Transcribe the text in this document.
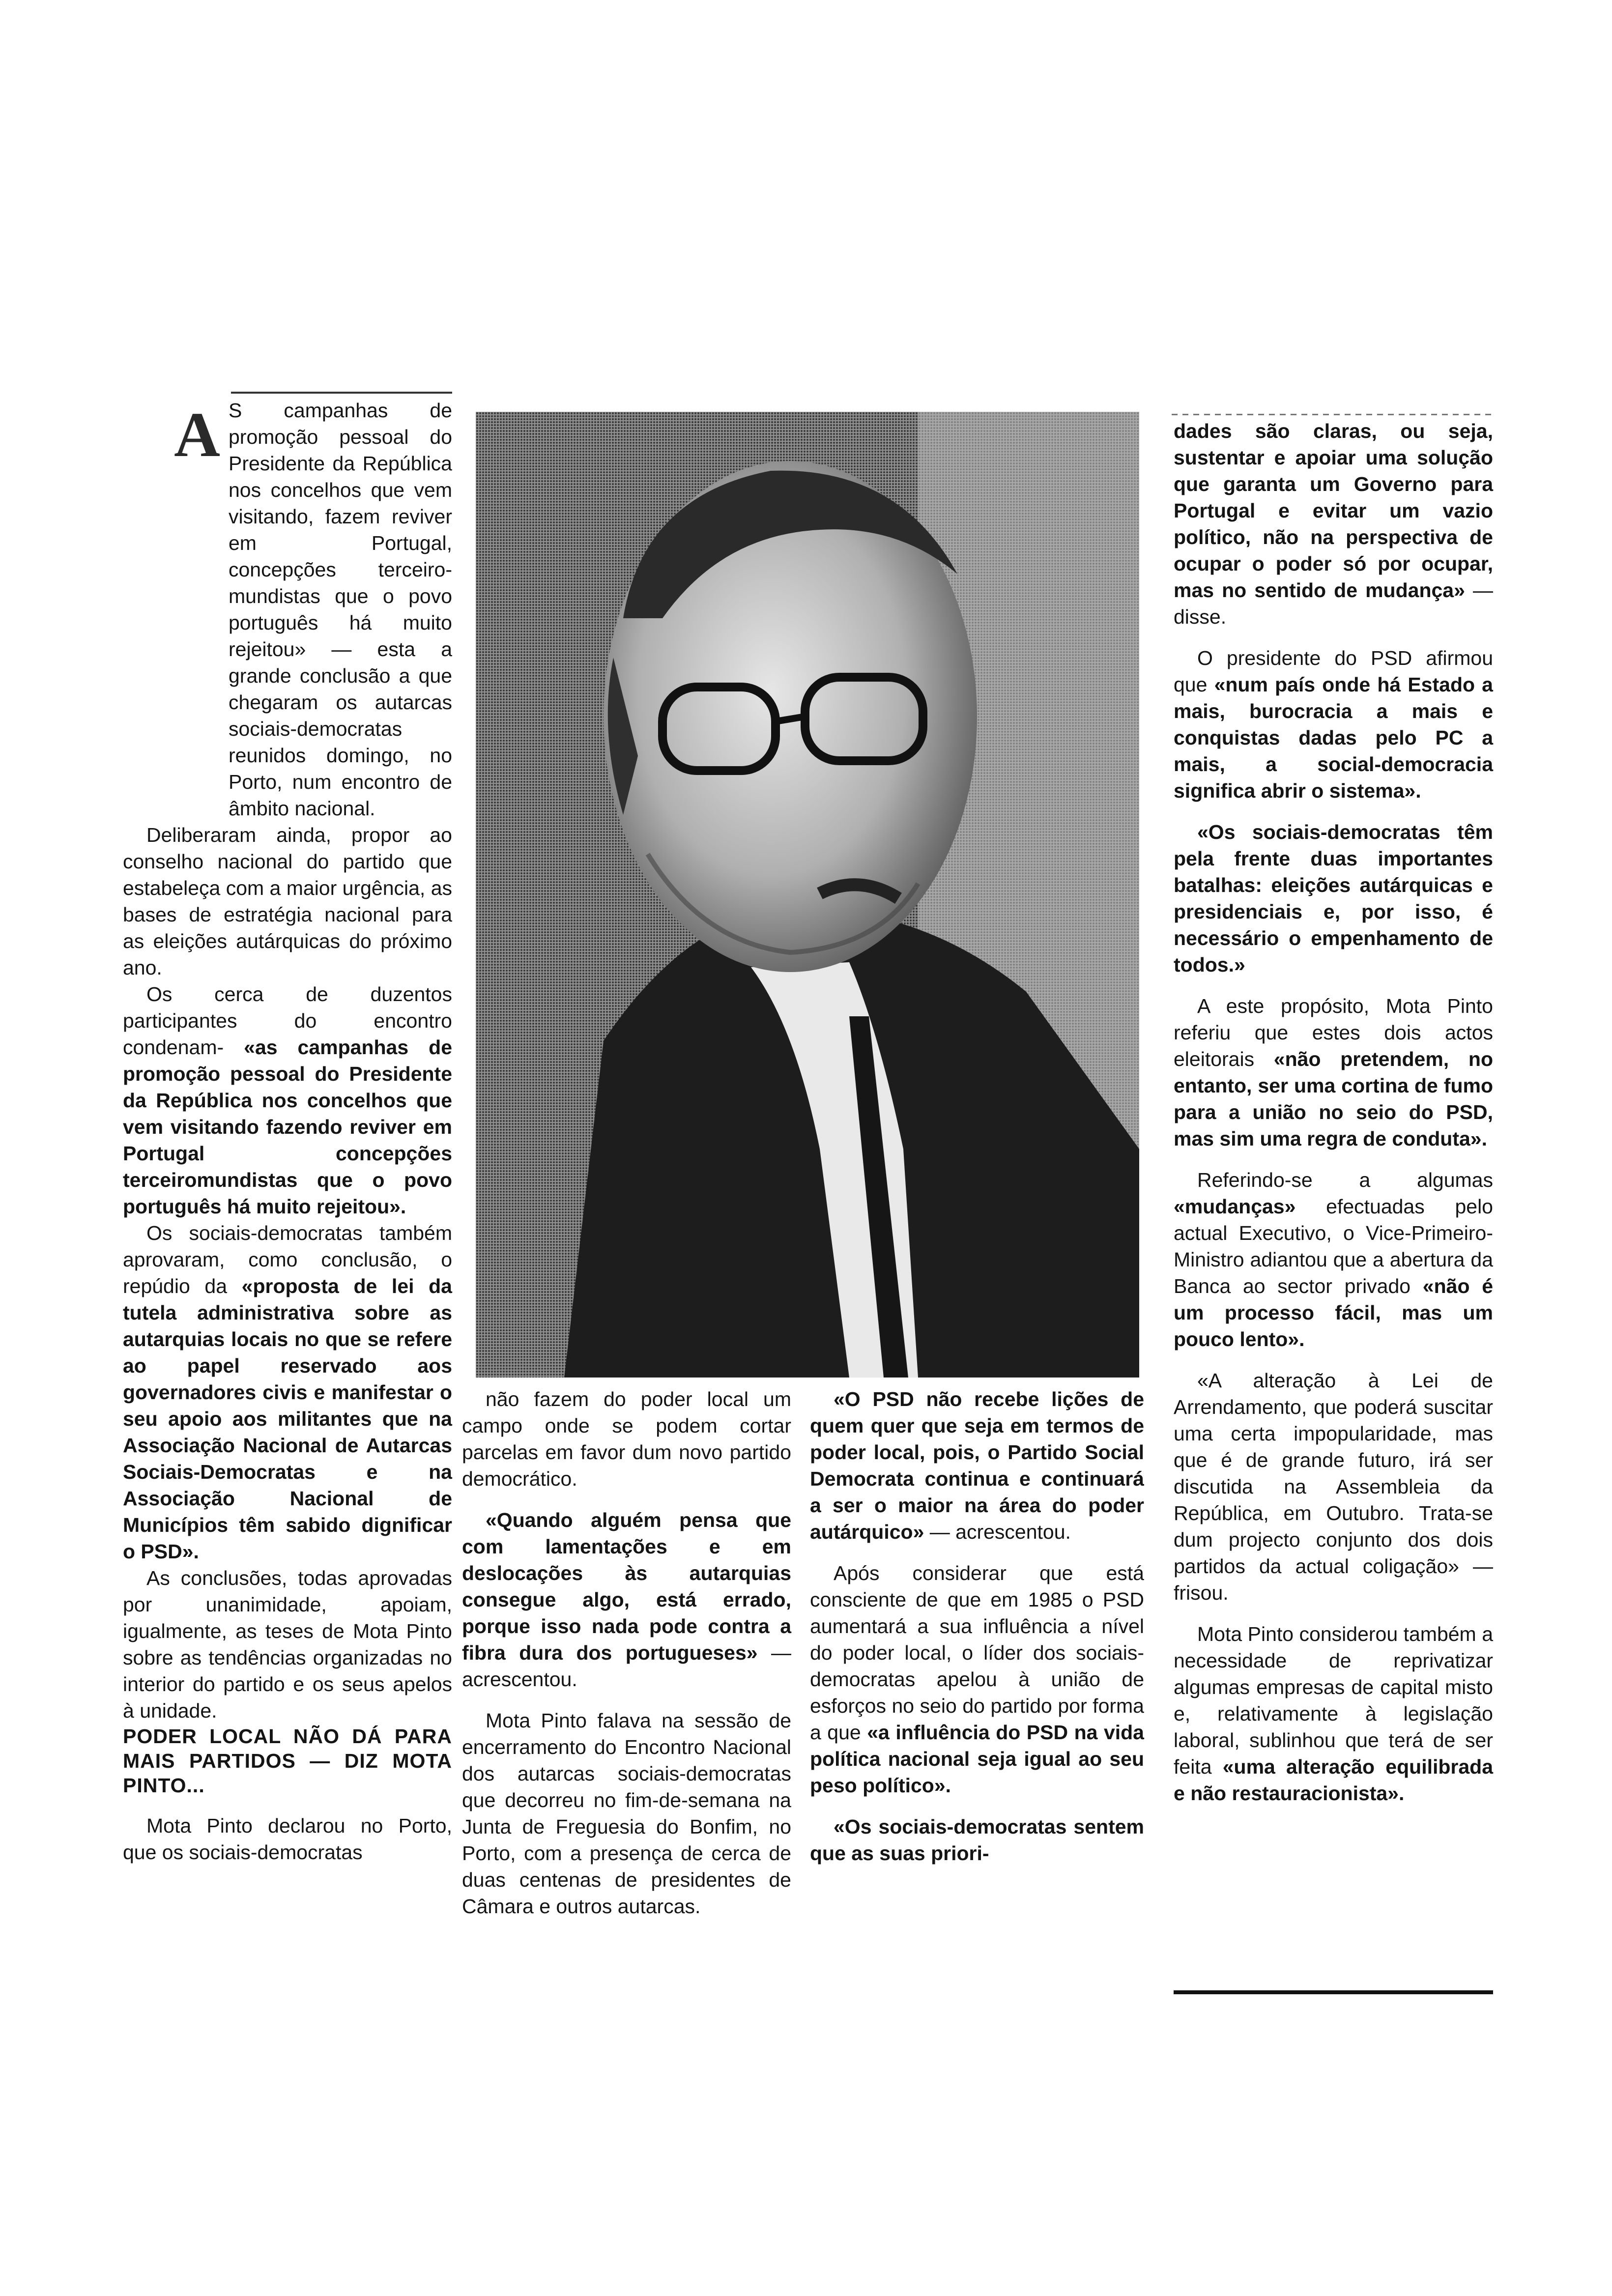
A S campanhas de promoção pessoal do Presidente da República nos concelhos que vem visitando, fazem reviver em Portugal, concepções terceiro-mundistas que o povo português há muito rejeitou» — esta a grande conclusão a que chegaram os autarcas sociais-democratas reunidos domingo, no Porto, num encontro de âmbito nacional.

Deliberaram ainda, propor ao conselho nacional do partido que estabeleça com a maior urgência, as bases de estratégia nacional para as eleições autárquicas do próximo ano.

Os cerca de duzentos participantes do encontro condenam- «as campanhas de promoção pessoal do Presidente da República nos concelhos que vem visitando fazendo reviver em Portugal concepções terceiromundistas que o povo português há muito rejeitou».

Os sociais-democratas também aprovaram, como conclusão, o repúdio da «proposta de lei da tutela administrativa sobre as autarquias locais no que se refere ao papel reservado aos governadores civis e manifestar o seu apoio aos militantes que na Associação Nacional de Autarcas Sociais-Democratas e na Associação Nacional de Municípios têm sabido dignificar o PSD».

As conclusões, todas aprovadas por unanimidade, apoiam, igualmente, as teses de Mota Pinto sobre as tendências organizadas no interior do partido e os seus apelos à unidade.

PODER LOCAL NÃO DÁ PARA MAIS PARTIDOS — DIZ MOTA PINTO...

Mota Pinto declarou no Porto, que os sociais-democratas

não fazem do poder local um campo onde se podem cortar parcelas em favor dum novo partido democrático.

«Quando alguém pensa que com lamentações e em deslocações às autarquias consegue algo, está errado, porque isso nada pode contra a fibra dura dos portugueses» — acrescentou.

Mota Pinto falava na sessão de encerramento do Encontro Nacional dos autarcas sociais-democratas que decorreu no fim-de-semana na Junta de Freguesia do Bonfim, no Porto, com a presença de cerca de duas centenas de presidentes de Câmara e outros autarcas.

«O PSD não recebe lições de quem quer que seja em termos de poder local, pois, o Partido Social Democrata continua e continuará a ser o maior na área do poder autárquico» — acrescentou.

Após considerar que está consciente de que em 1985 o PSD aumentará a sua influência a nível do poder local, o líder dos sociais-democratas apelou à união de esforços no seio do partido por forma a que «a influência do PSD na vida política nacional seja igual ao seu peso político».

«Os sociais-democratas sentem que as suas priori-

dades são claras, ou seja, sustentar e apoiar uma solução que garanta um Governo para Portugal e evitar um vazio político, não na perspectiva de ocupar o poder só por ocupar, mas no sentido de mudança» — disse.

O presidente do PSD afirmou que «num país onde há Estado a mais, burocracia a mais e conquistas dadas pelo PC a mais, a social-democracia significa abrir o sistema».

«Os sociais-democratas têm pela frente duas importantes batalhas: eleições autárquicas e presidenciais e, por isso, é necessário o empenhamento de todos.»

A este propósito, Mota Pinto referiu que estes dois actos eleitorais «não pretendem, no entanto, ser uma cortina de fumo para a união no seio do PSD, mas sim uma regra de conduta».

Referindo-se a algumas «mudanças» efectuadas pelo actual Executivo, o Vice-Primeiro-Ministro adiantou que a abertura da Banca ao sector privado «não é um processo fácil, mas um pouco lento».

«A alteração à Lei de Arrendamento, que poderá suscitar uma certa impopularidade, mas que é de grande futuro, irá ser discutida na Assembleia da República, em Outubro. Trata-se dum projecto conjunto dos dois partidos da actual coligação» — frisou.

Mota Pinto considerou também a necessidade de reprivatizar algumas empresas de capital misto e, relativamente à legislação laboral, sublinhou que terá de ser feita «uma alteração equilibrada e não restauracionista».
